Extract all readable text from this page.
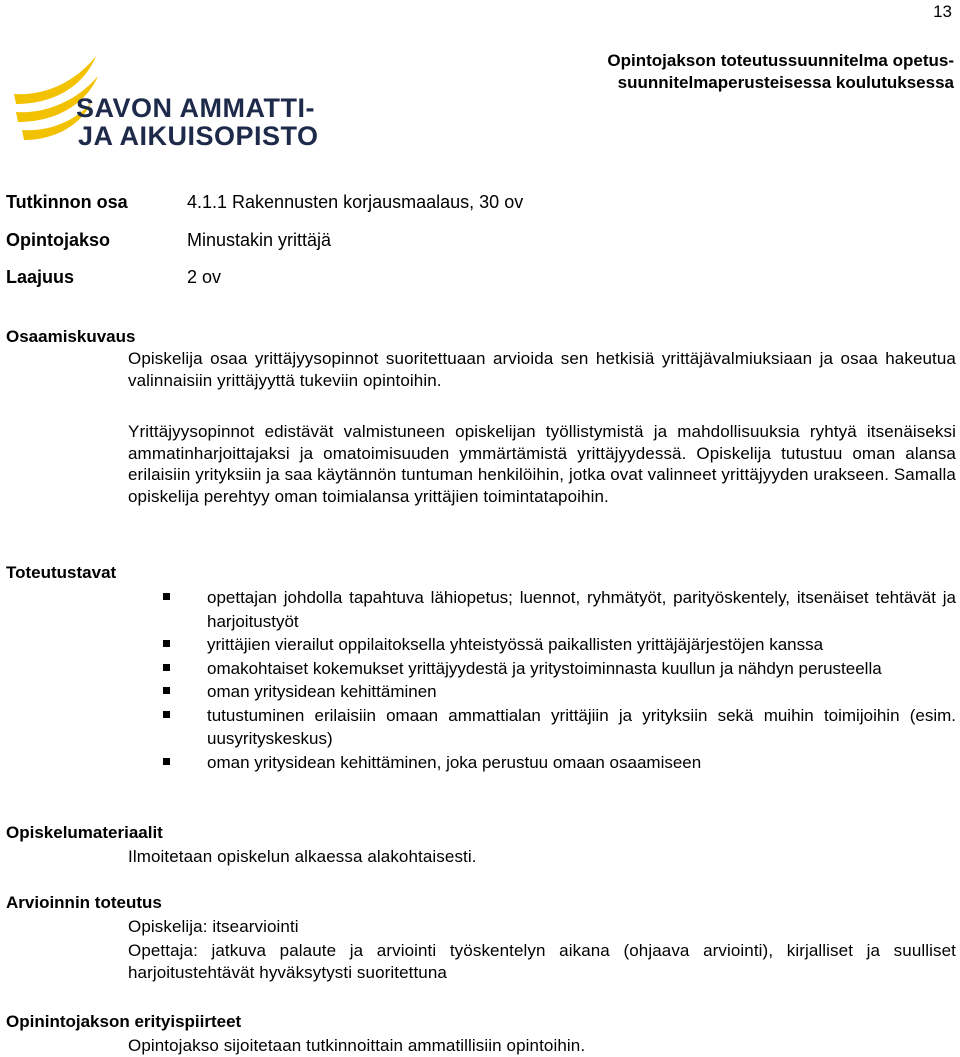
13
Opintojakson toteutussuunnitelma opetus-
suunnitelmaperusteisessa koulutuksessa
SAVON AMMATTI-
JA AIKUISOPISTO
Tutkinnon osa	4.1.1 Rakennusten korjausmaalaus, 30 ov
Opintojakso	Minustakin yrittäjä
Laajuus	2 ov
Osaamiskuvaus
Opiskelija osaa yrittäjyysopinnot suoritettuaan arvioida sen hetkisiä yrittäjävalmiuksiaan ja osaa hakeutua valinnaisiin yrittäjyyttä tukeviin opintoihin.
Yrittäjyysopinnot edistävät valmistuneen opiskelijan työllistymistä ja mahdollisuuksia ryhtyä itsenäiseksi ammatinharjoittajaksi ja omatoimisuuden ymmärtämistä yrittäjyydessä. Opiskelija tutustuu oman alansa erilaisiin yrityksiin ja saa käytännön tuntuman henkilöihin, jotka ovat valinneet yrittäjyyden urakseen. Samalla opiskelija perehtyy oman toimialansa yrittäjien toimintatapoihin.
Toteutustavat
opettajan johdolla tapahtuva lähiopetus; luennot, ryhmätyöt, parityöskentely, itsenäiset tehtävät ja harjoitustyöt
yrittäjien vierailut oppilaitoksella yhteistyössä paikallisten yrittäjäjärjestöjen kanssa
omakohtaiset kokemukset yrittäjyydestä ja yritystoiminnasta kuullun ja nähdyn perusteella
oman yritysidean kehittäminen
tutustuminen erilaisiin omaan ammattialan yrittäjiin ja yrityksiin sekä muihin toimijoihin (esim. uusyrityskeskus)
oman yritysidean kehittäminen, joka perustuu omaan osaamiseen
Opiskelumateriaalit
Ilmoitetaan opiskelun alkaessa alakohtaisesti.
Arvioinnin toteutus
Opiskelija: itsearviointi
Opettaja: jatkuva palaute ja arviointi työskentelyn aikana (ohjaava arviointi), kirjalliset ja suulliset harjoitustehtävät hyväksytysti suoritettuna
Opinintojakson erityispiirteet
Opintojakso sijoitetaan tutkinnoittain ammatillisiin opintoihin.
